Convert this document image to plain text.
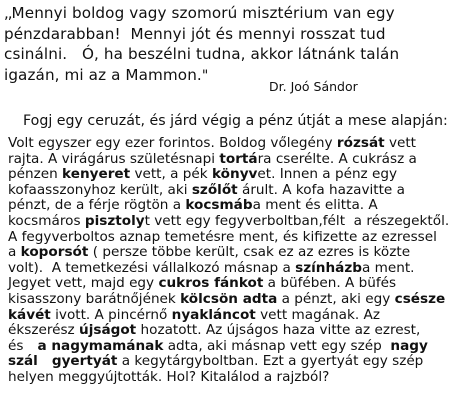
,,Mennyi boldog vagy szomorú misztérium van egy
pénzdarabban!  Mennyi jót és mennyi rosszat tud
csinálni.   Ó, ha beszélni tudna, akkor látnánk talán
igazán, mi az a Mammon."
Dr. Joó Sándor
Fogj egy ceruzát, és járd végig a pénz útját a mese alapján:
Volt egyszer egy ezer forintos. Boldog vőlegény rózsát vett
rajta. A virágárus születésnapi tortára cserélte. A cukrász a
pénzen kenyeret vett, a pék könyvet. Innen a pénz egy
kofaasszonyhoz került, aki szőlőt árult. A kofa hazavitte a
pénzt, de a férje rögtön a kocsmába ment és elitta. A
kocsmáros pisztolyt vett egy fegyverboltban,félt  a részegektől.
A fegyverboltos aznap temetésre ment, és kifizette az ezressel
a koporsót ( persze többe került, csak ez az ezres is közte
volt).  A temetkezési vállalkozó másnap a színházba ment.
Jegyet vett, majd egy cukros fánkot a büfében. A büfés
kisasszony barátnőjének kölcsön adta a pénzt, aki egy csésze
kávét ivott. A pincérnő nyakláncot vett magának. Az
ékszerész újságot hozatott. Az újságos haza vitte az ezrest,
és a nagymamának adta, aki másnap vett egy szép  nagy
szál gyertyát a kegytárgyboltban. Ezt a gyertyát egy szép
helyen meggyújtották. Hol? Kitalálod a rajzból?
